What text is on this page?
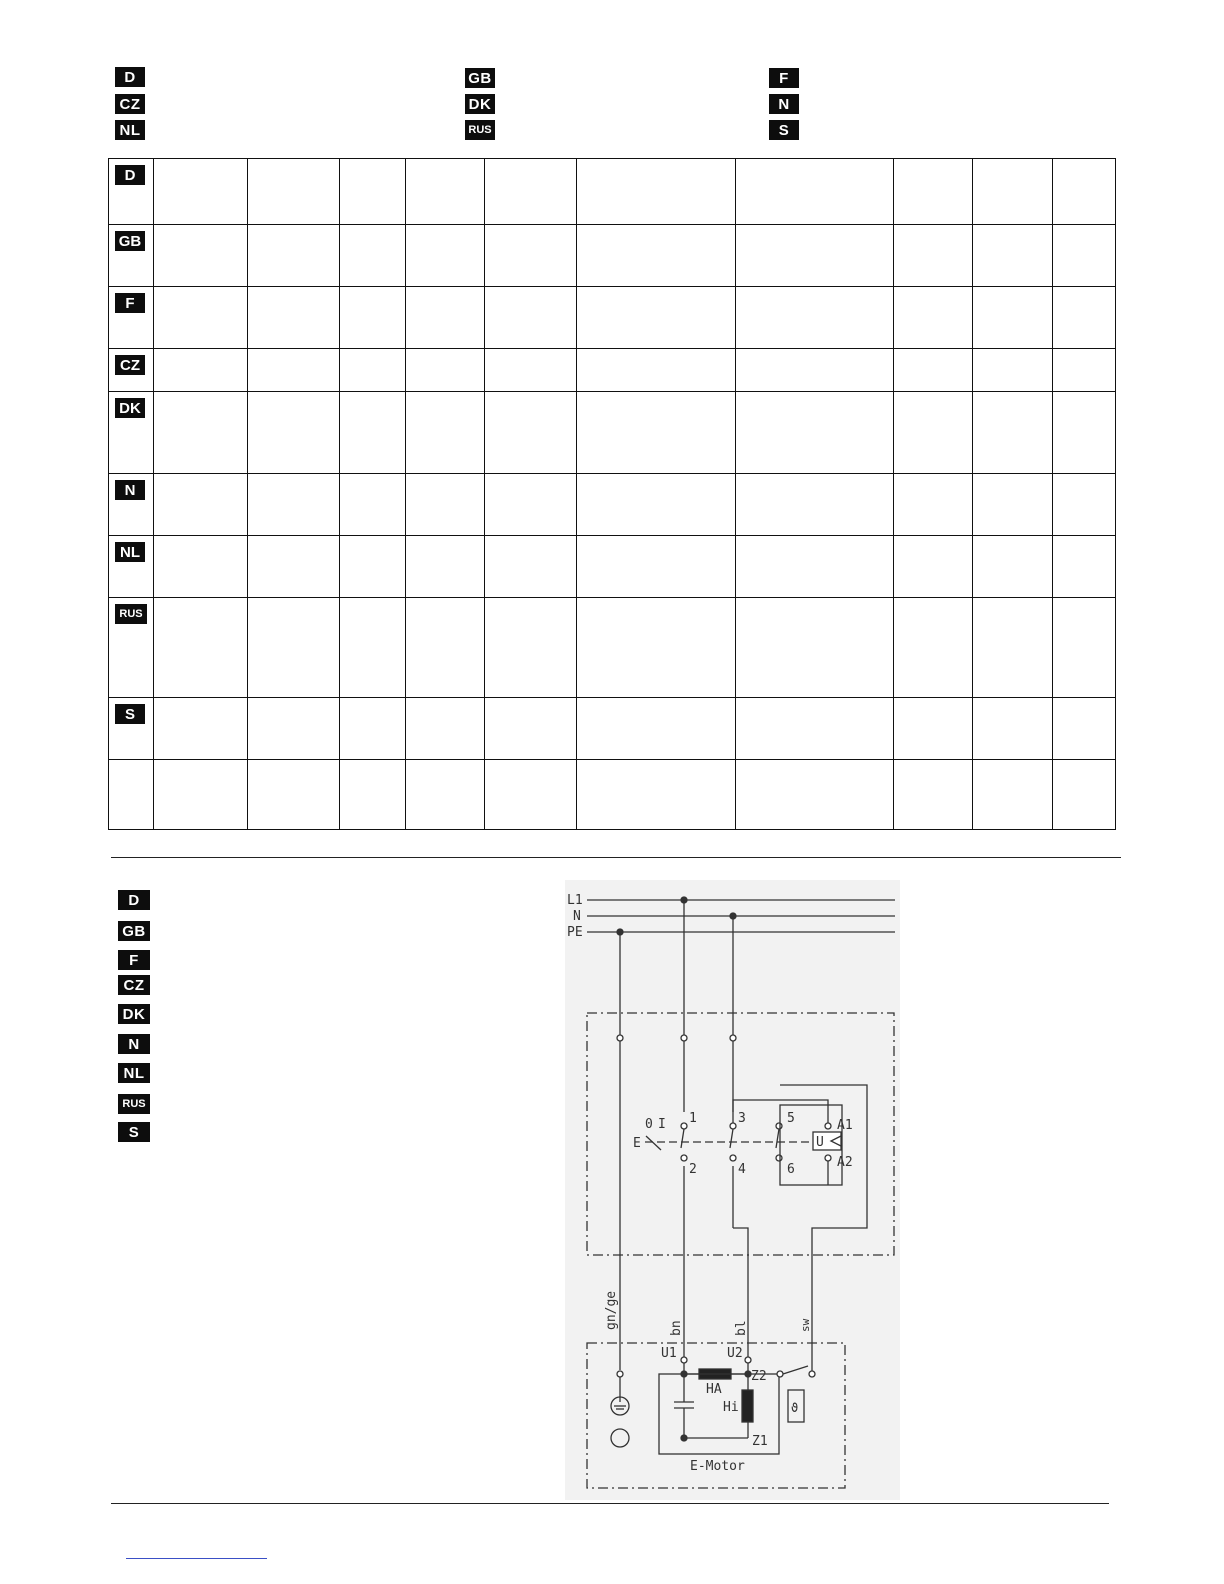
D	GB	F
CZ	DK	N
NL	RUS	S
D										

GB										

F										

CZ										

DK										

N										

NL										

RUS										

S										

D
GB
F
CZ
DK
N
NL
RUS
S
L1
N
PE
E
0 I 1
2
3
4
5
6
U
A1
A2
gn/ge	bn	bl	sw
U1	U2
HA
Z2
Hi
Z1
E-Motor
ϑ
